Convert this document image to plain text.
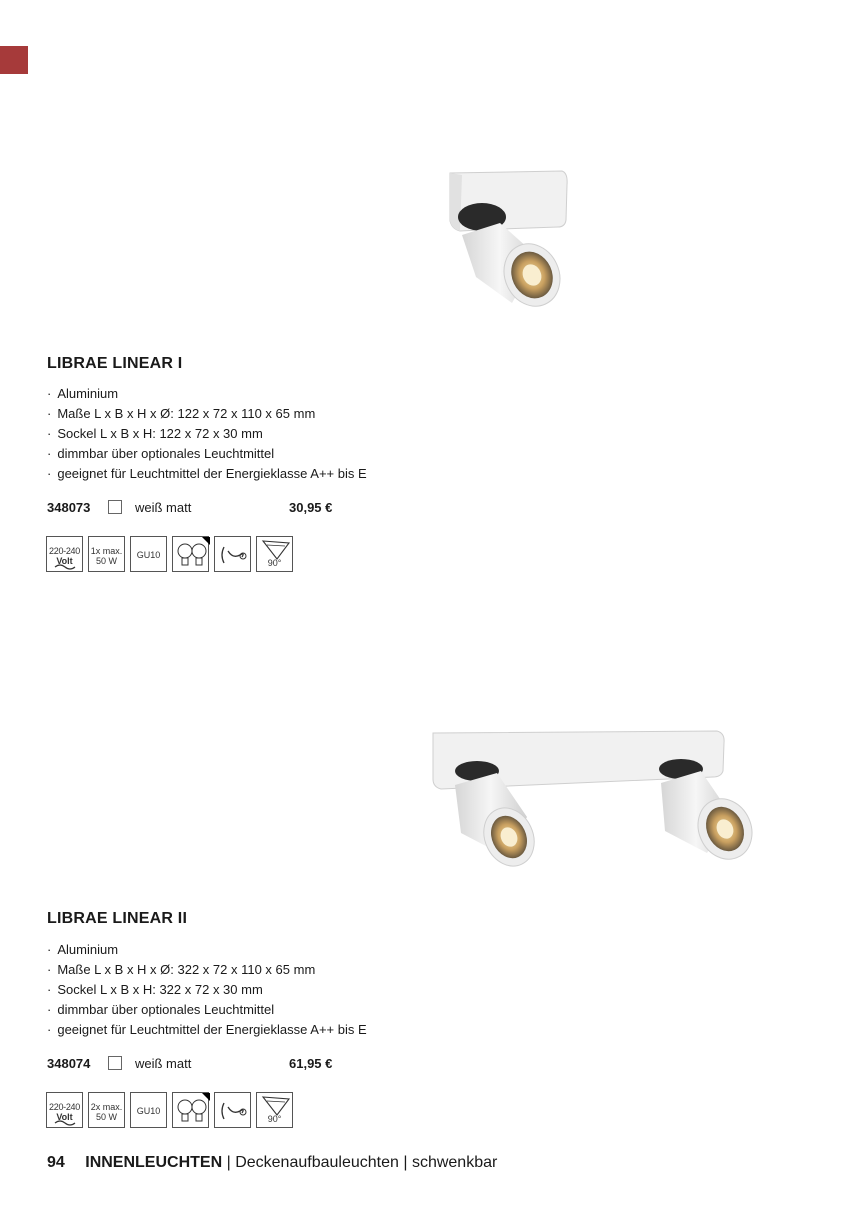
LIBRAE LINEAR I
· Aluminium
· Maße L x B x H x Ø: 122 x 72 x 110 x 65 mm
· Sockel L x B x H: 122 x 72 x 30 mm
· dimmbar über optionales Leuchtmittel
· geeignet für Leuchtmittel der Energieklasse A++ bis E
348073	weiß matt	30,95 €
220-240
Volt
1x max.
50 W
GU10
90°
LIBRAE LINEAR II
· Aluminium
· Maße L x B x H x Ø: 322 x 72 x 110 x 65 mm
· Sockel L x B x H: 322 x 72 x 30 mm
· dimmbar über optionales Leuchtmittel
· geeignet für Leuchtmittel der Energieklasse A++ bis E
348074	weiß matt	61,95 €
220-240
Volt
2x max.
50 W
GU10
90°
94 INNENLEUCHTEN | Deckenaufbauleuchten | schwenkbar
